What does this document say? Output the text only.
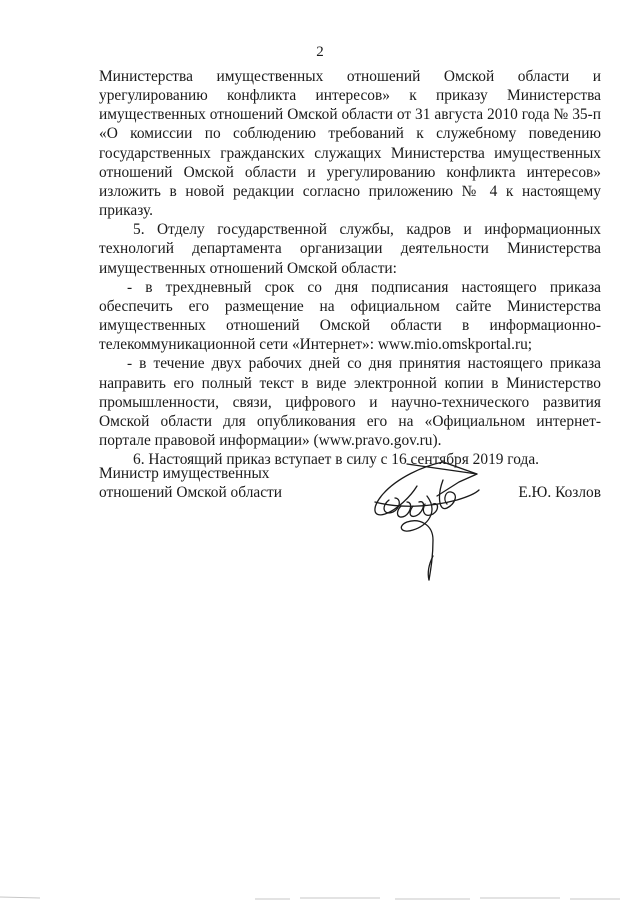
2

Министерства имущественных отношений Омской области и урегулированию конфликта интересов» к приказу Министерства имущественных отношений Омской области от 31 августа 2010 года № 35-п «О комиссии по соблюдению требований к служебному поведению государственных гражданских служащих Министерства имущественных отношений Омской области и урегулированию конфликта интересов» изложить в новой редакции согласно приложению № 4 к настоящему приказу.

5. Отделу государственной службы, кадров и информационных технологий департамента организации деятельности Министерства имущественных отношений Омской области:

- в трехдневный срок со дня подписания настоящего приказа обеспечить его размещение на официальном сайте Министерства имущественных отношений Омской области в информационно-телекоммуникационной сети «Интернет»: www.mio.omskportal.ru;

- в течение двух рабочих дней со дня принятия настоящего приказа направить его полный текст в виде электронной копии в Министерство промышленности, связи, цифрового и научно-технического развития Омской области для опубликования его на «Официальном интернет-портале правовой информации» (www.pravo.gov.ru).

6. Настоящий приказ вступает в силу с 16 сентября 2019 года.

Министр имущественных
отношений Омской области	Е.Ю. Козлов
